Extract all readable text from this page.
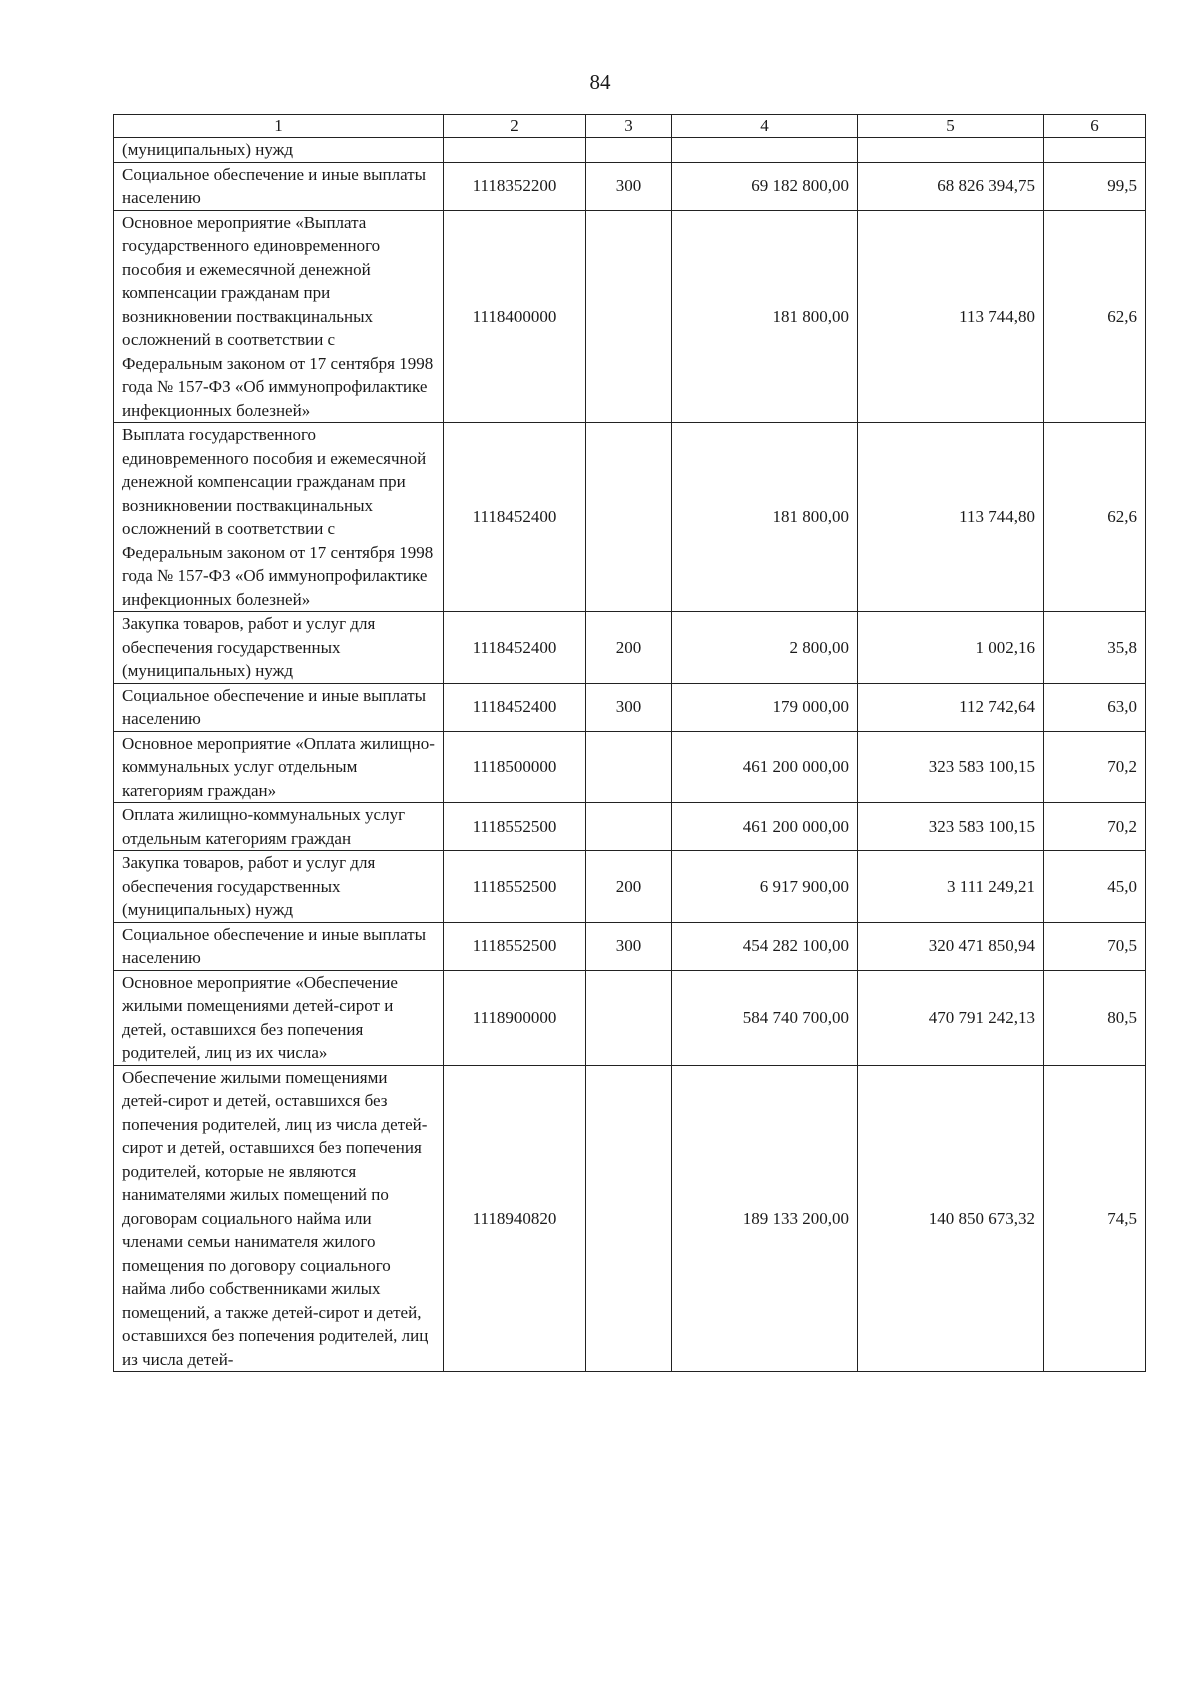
84
1	2	3	4	5	6
(муниципальных) нужд					
Социальное обеспечение и иные выплаты населению	1118352200	300	69 182 800,00	68 826 394,75	99,5
Основное мероприятие «Выплата государственного единовременного пособия и ежемесячной денежной компенсации гражданам при возникновении поствакцинальных осложнений в соответствии с Федеральным законом от 17 сентября 1998 года № 157-ФЗ «Об иммунопрофилактике инфекционных болезней»	1118400000		181 800,00	113 744,80	62,6
Выплата государственного единовременного пособия и ежемесячной денежной компенсации гражданам при возникновении поствакцинальных осложнений в соответствии с Федеральным законом от 17 сентября 1998 года № 157-ФЗ «Об иммунопрофилактике инфекционных болезней»	1118452400		181 800,00	113 744,80	62,6
Закупка товаров, работ и услуг для обеспечения государственных (муниципальных) нужд	1118452400	200	2 800,00	1 002,16	35,8
Социальное обеспечение и иные выплаты населению	1118452400	300	179 000,00	112 742,64	63,0
Основное мероприятие «Оплата жилищно-коммунальных услуг отдельным категориям граждан»	1118500000		461 200 000,00	323 583 100,15	70,2
Оплата жилищно-коммунальных услуг отдельным категориям граждан	1118552500		461 200 000,00	323 583 100,15	70,2
Закупка товаров, работ и услуг для обеспечения государственных (муниципальных) нужд	1118552500	200	6 917 900,00	3 111 249,21	45,0
Социальное обеспечение и иные выплаты населению	1118552500	300	454 282 100,00	320 471 850,94	70,5
Основное мероприятие «Обеспечение жилыми помещениями детей-сирот и детей, оставшихся без попечения родителей, лиц из их числа»	1118900000		584 740 700,00	470 791 242,13	80,5
Обеспечение жилыми помещениями детей-сирот и детей, оставшихся без попечения родителей, лиц из числа детей-сирот и детей, оставшихся без попечения родителей, которые не являются нанимателями жилых помещений по договорам социального найма или членами семьи нанимателя жилого помещения по договору социального найма либо собственниками жилых помещений, а также детей-сирот и детей, оставшихся без попечения родителей, лиц из числа детей-	1118940820		189 133 200,00	140 850 673,32	74,5
